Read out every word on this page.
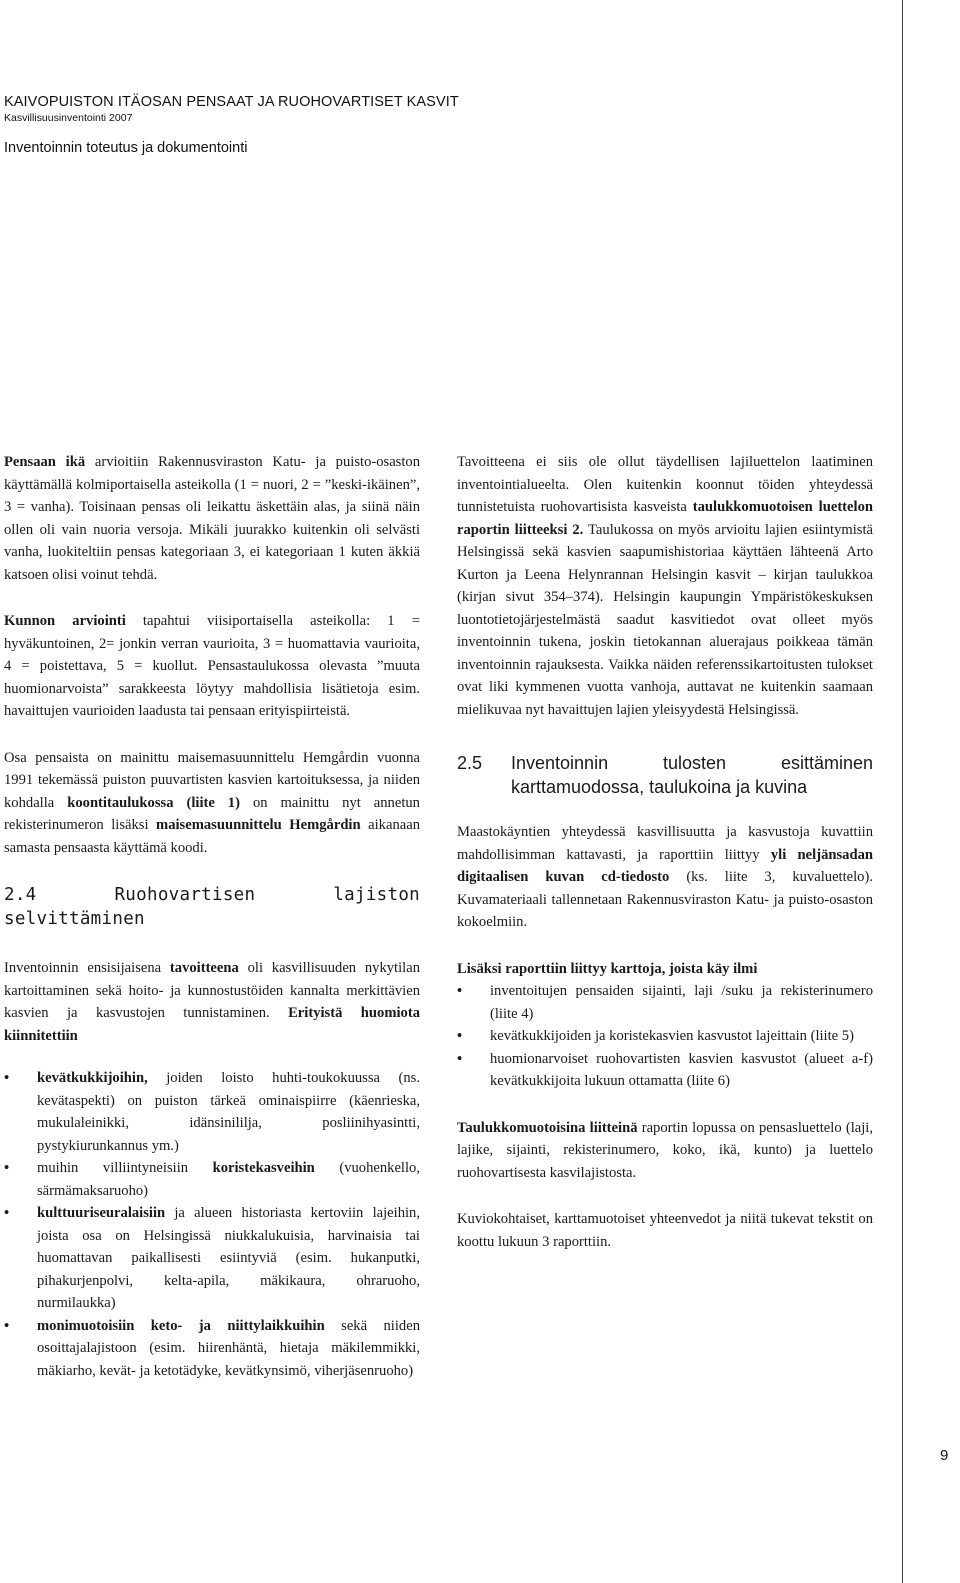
KAIVOPUISTON ITÄOSAN PENSAAT JA RUOHOVARTISET KASVIT
Kasvillisuusinventointi 2007
Inventoinnin toteutus ja dokumentointi

Pensaan ikä arvioitiin Rakennusviraston Katu- ja puisto-osaston käyttämällä kolmiportaisella asteikolla (1 = nuori, 2 = ”keski-ikäinen”, 3 = vanha). Toisinaan pensas oli leikattu äskettäin alas, ja siinä näin ollen oli vain nuoria versoja. Mikäli juurakko kuitenkin oli selvästi vanha, luokiteltiin pensas kategoriaan 3, ei kategoriaan 1 kuten äkkiä katsoen olisi voinut tehdä.

Kunnon arviointi tapahtui viisiportaisella asteikolla: 1 = hyväkuntoinen, 2= jonkin verran vaurioita, 3 = huomattavia vaurioita, 4 = poistettava, 5 = kuollut. Pensastaulukossa olevasta ”muuta huomionarvoista” sarakkeesta löytyy mahdollisia lisätietoja esim. havaittujen vaurioiden laadusta tai pensaan erityispiirteistä.

Osa pensaista on mainittu maisemasuunnittelu Hemgårdin vuonna 1991 tekemässä puiston puuvartisten kasvien kartoituksessa, ja niiden kohdalla koontitaulukossa (liite 1) on mainittu nyt annetun rekisterinumeron lisäksi maisemasuunnittelu Hemgårdin aikanaan samasta pensaasta käyttämä koodi.

2.4 Ruohovartisen lajiston selvittäminen

Inventoinnin ensisijaisena tavoitteena oli kasvillisuuden nykytilan kartoittaminen sekä hoito- ja kunnostustöiden kannalta merkittävien kasvien ja kasvustojen tunnistaminen. Erityistä huomiota kiinnitettiin

• kevätkukkijoihin, joiden loisto huhti-toukokuussa (ns. kevätaspekti) on puiston tärkeä ominaispiirre (käenrieska, mukulaleinikki, idänsinililja, posliinihyasintti, pystykiurunkannus ym.)
• muihin villiintyneisiin koristekasveihin (vuohenkello, särmämaksaruoho)
• kulttuuriseuralaisiin ja alueen historiasta kertoviin lajeihin, joista osa on Helsingissä niukkalukuisia, harvinaisia tai huomattavan paikallisesti esiintyviä (esim. hukanputki, pihakurjenpolvi, kelta-apila, mäkikaura, ohraruoho, nurmilaukka)
• monimuotoisiin keto- ja niittylaikkuihin sekä niiden osoittajalajistoon (esim. hiirenhäntä, hietaja mäkilemmikki, mäkiarho, kevät- ja ketotädyke, kevätkynsimö, viherjäsenruoho)

Tavoitteena ei siis ole ollut täydellisen lajiluettelon laatiminen inventointialueelta. Olen kuitenkin koonnut töiden yhteydessä tunnistetuista ruohovartisista kasveista taulukkomuotoisen luettelon raportin liitteeksi 2. Taulukossa on myös arvioitu lajien esiintymistä Helsingissä sekä kasvien saapumishistoriaa käyttäen lähteenä Arto Kurton ja Leena Helynrannan Helsingin kasvit – kirjan taulukkoa (kirjan sivut 354–374). Helsingin kaupungin Ympäristökeskuksen luontotietojärjestelmästä saadut kasvitiedot ovat olleet myös inventoinnin tukena, joskin tietokannan aluerajaus poikkeaa tämän inventoinnin rajauksesta. Vaikka näiden referenssikartoitusten tulokset ovat liki kymmenen vuotta vanhoja, auttavat ne kuitenkin saamaan mielikuvaa nyt havaittujen lajien yleisyydestä Helsingissä.

2.5	Inventoinnin tulosten esittäminen karttamuodossa, taulukoina ja kuvina

Maastokäyntien yhteydessä kasvillisuutta ja kasvustoja kuvattiin mahdollisimman kattavasti, ja raporttiin liittyy yli neljänsadan digitaalisen kuvan cd-tiedosto (ks. liite 3, kuvaluettelo). Kuvamateriaali tallennetaan Rakennusviraston Katu- ja puisto-osaston kokoelmiin.

Lisäksi raporttiin liittyy karttoja, joista käy ilmi
• inventoitujen pensaiden sijainti, laji /suku ja rekisterinumero (liite 4)
• kevätkukkijoiden ja koristekasvien kasvustot lajeittain (liite 5)
• huomionarvoiset ruohovartisten kasvien kasvustot (alueet a-f) kevätkukkijoita lukuun ottamatta (liite 6)

Taulukkomuotoisina liitteinä raportin lopussa on pensasluettelo (laji, lajike, sijainti, rekisterinumero, koko, ikä, kunto) ja luettelo ruohovartisesta kasvilajistosta.

Kuviokohtaiset, karttamuotoiset yhteenvedot ja niitä tukevat tekstit on koottu lukuun 3 raporttiin.

9
